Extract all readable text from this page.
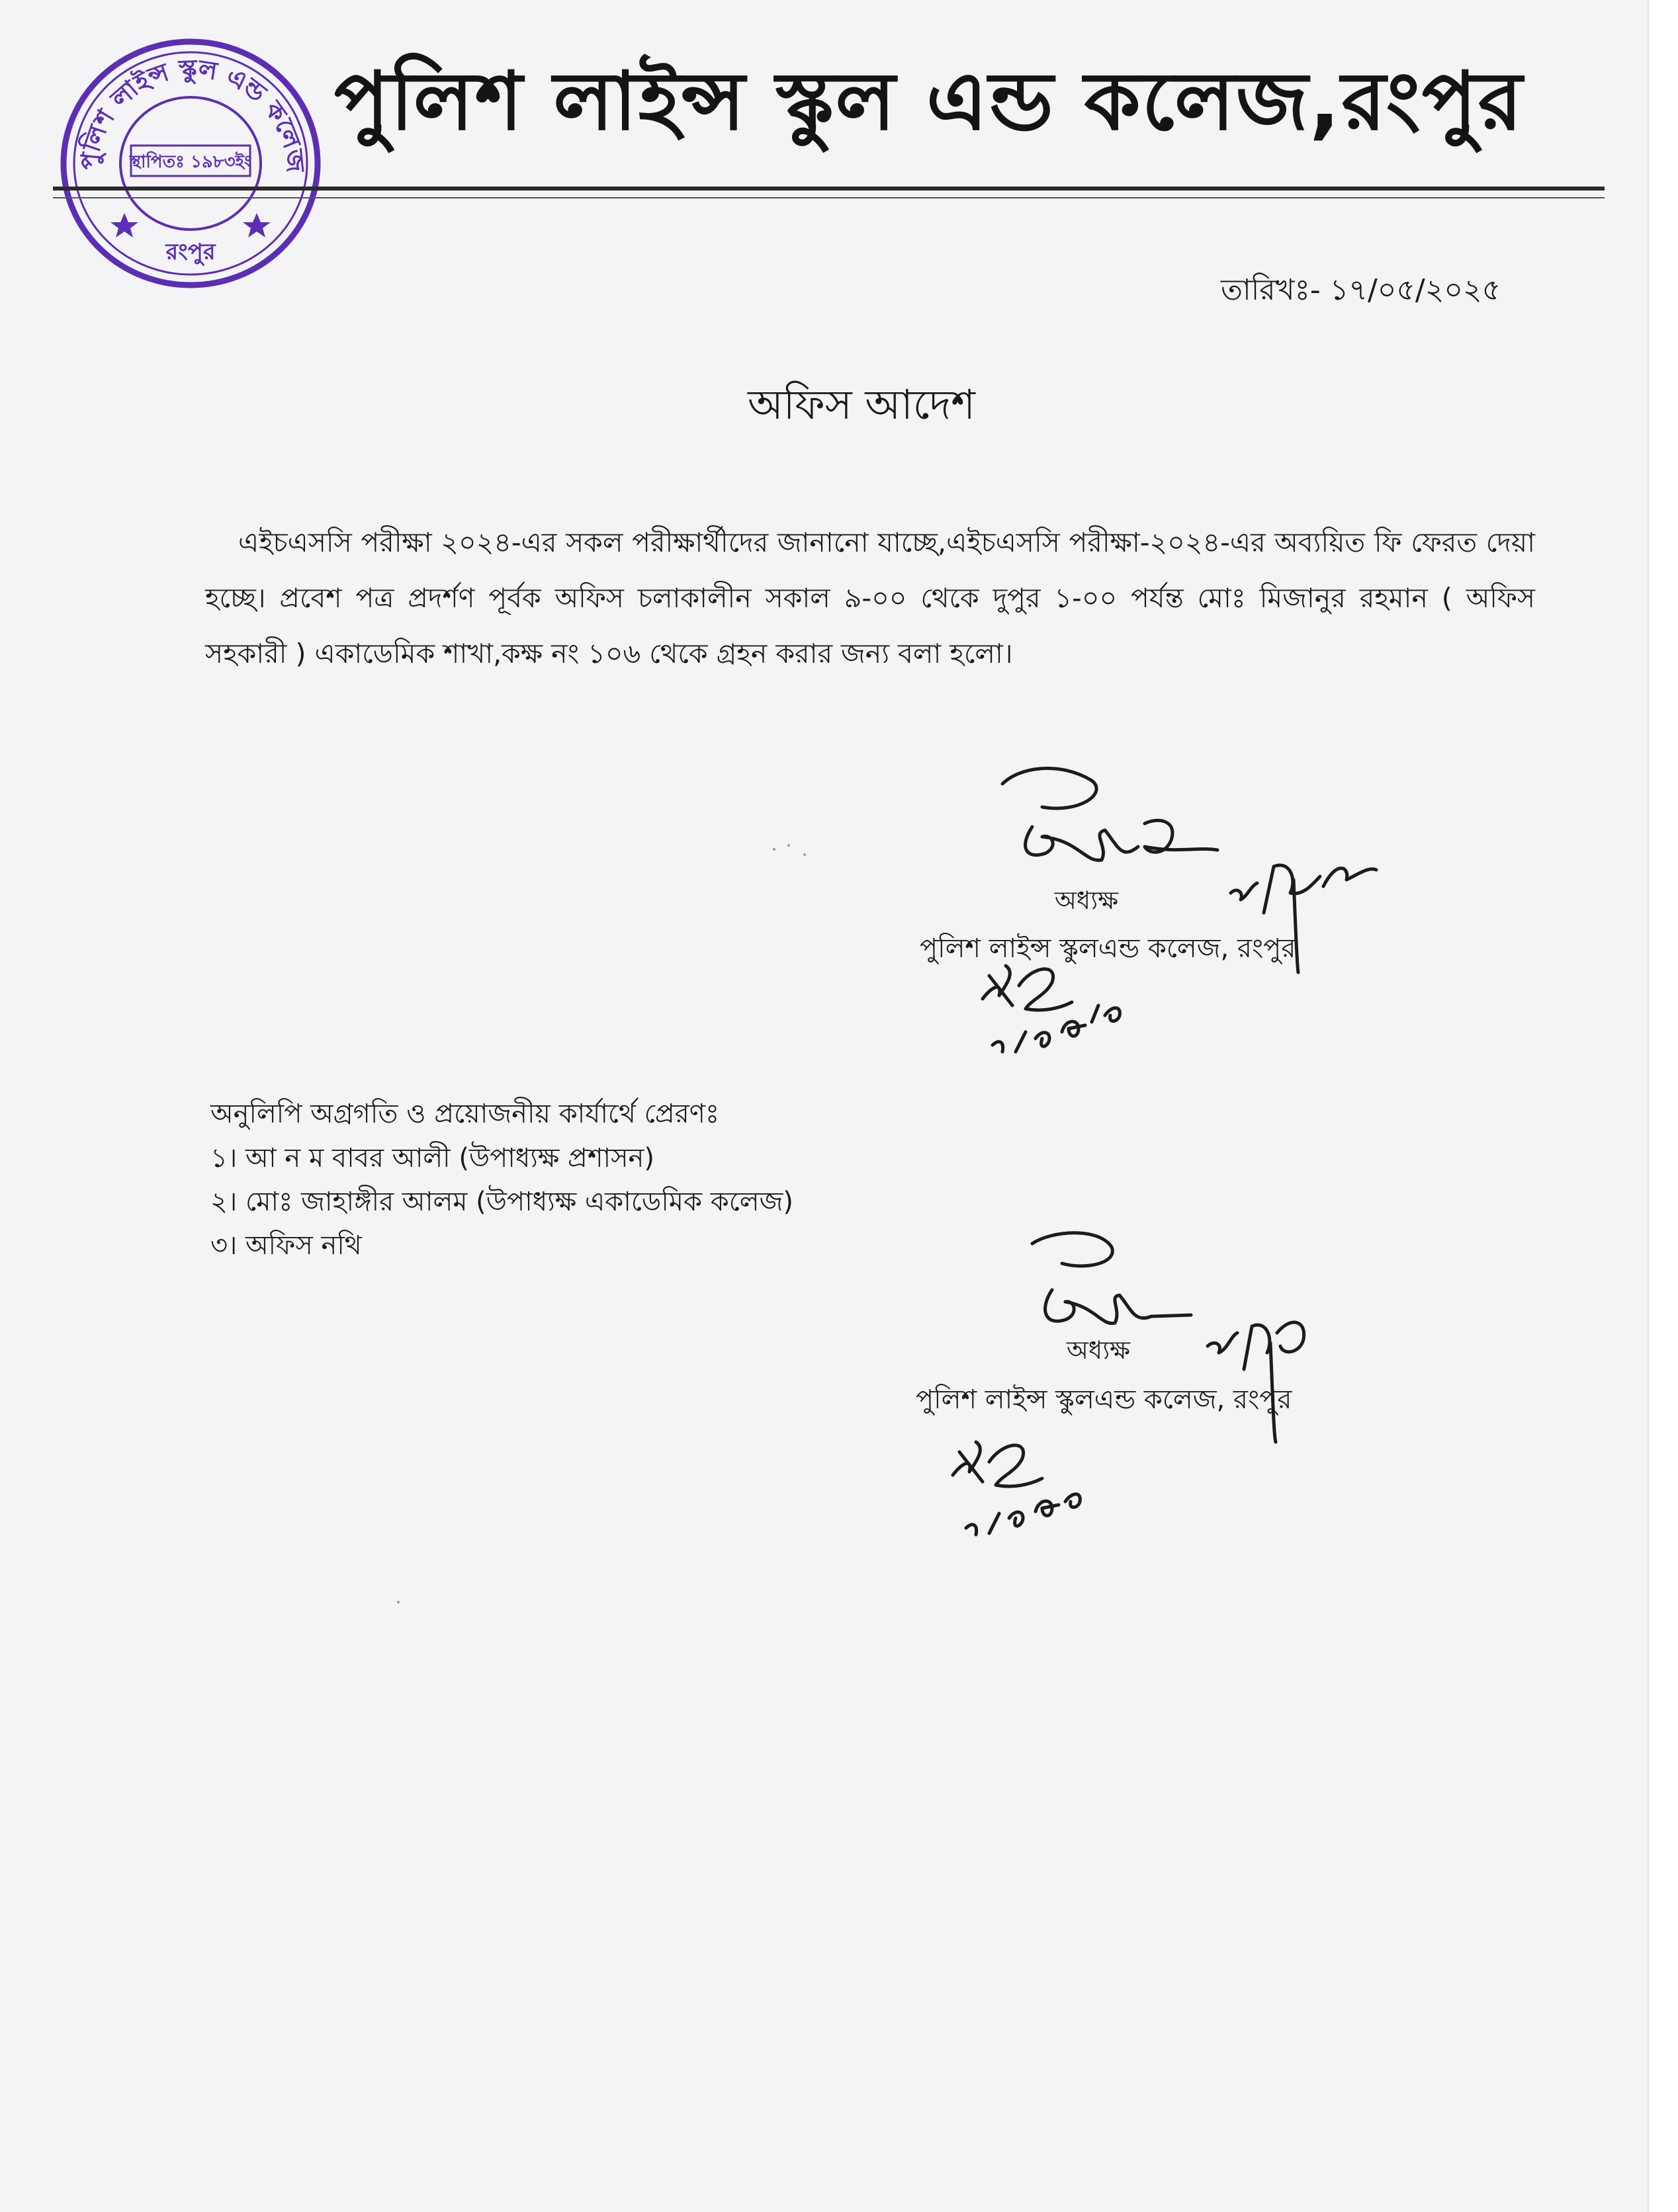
পুলিশ লাইন্স স্কুল এন্ড কলেজ
স্থাপিতঃ ১৯৮৩ইং
রংপুর
পুলিশ লাইন্স স্কুল এন্ড কলেজ,রংপুর
তারিখঃ- ১৭/০৫/২০২৫
অফিস আদেশ
এইচএসসি পরীক্ষা ২০২৪-এর সকল পরীক্ষার্থীদের জানানো যাচ্ছে,এইচএসসি পরীক্ষা-২০২৪-এর অব্যয়িত ফি ফেরত দেয়া হচ্ছে। প্রবেশ পত্র প্রদর্শণ পূর্বক অফিস চলাকালীন সকাল ৯-০০ থেকে দুপুর ১-০০ পর্যন্ত মোঃ মিজানুর রহমান ( অফিস সহকারী ) একাডেমিক শাখা,কক্ষ নং ১০৬ থেকে গ্রহন করার জন্য বলা হলো।
অধ্যক্ষ
পুলিশ লাইন্স স্কুলএন্ড কলেজ, রংপুর
অনুলিপি অগ্রগতি ও প্রয়োজনীয় কার্যার্থে প্রেরণঃ
১। আ ন ম বাবর আলী (উপাধ্যক্ষ প্রশাসন)
২। মোঃ জাহাঙ্গীর আলম (উপাধ্যক্ষ একাডেমিক কলেজ)
৩। অফিস নথি
অধ্যক্ষ
পুলিশ লাইন্স স্কুলএন্ড কলেজ, রংপুর
